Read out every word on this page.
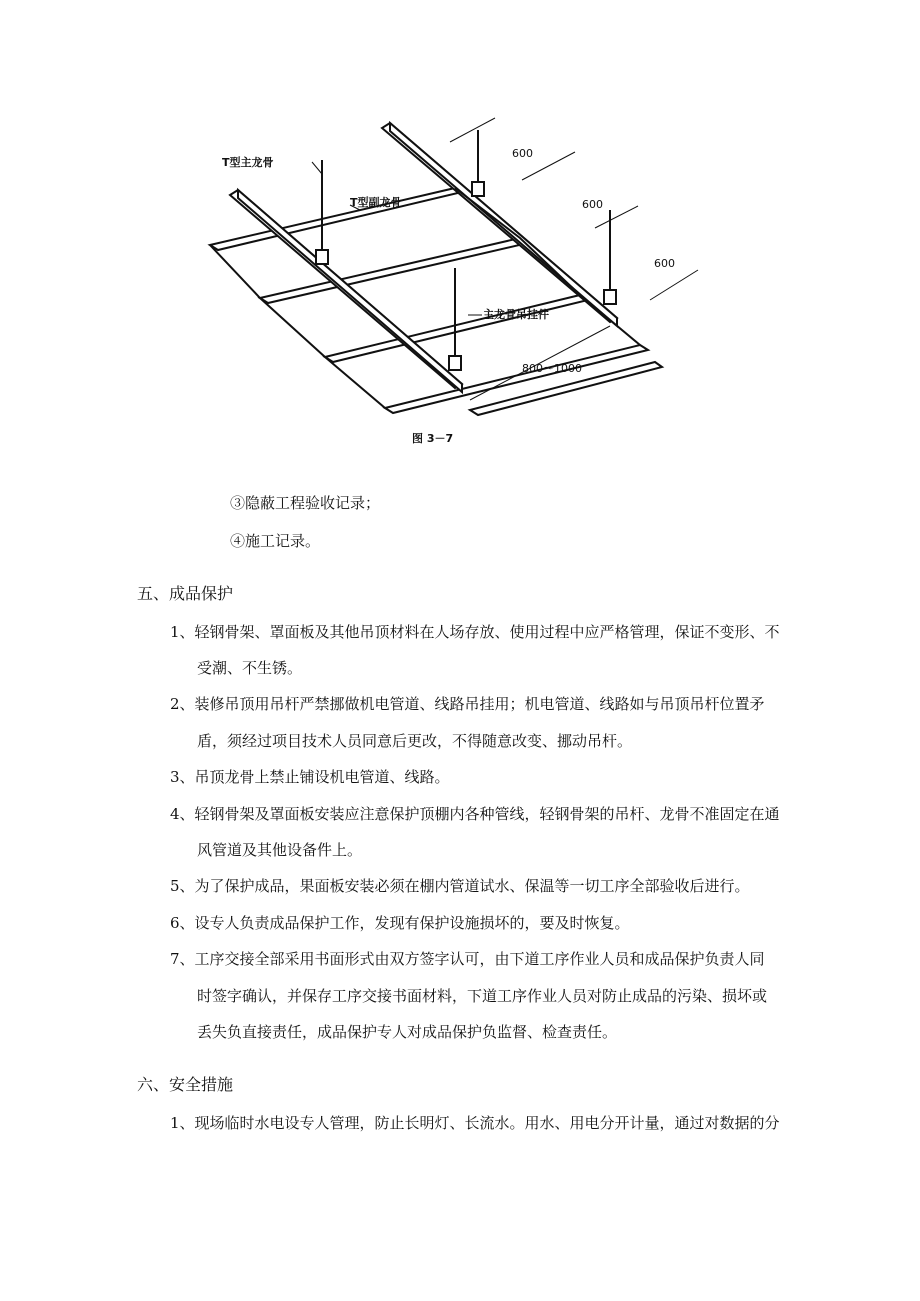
T型主龙骨
T型副龙骨
主龙骨吊挂件
600
600
600
800～1000
图 3－7
③隐蔽工程验收记录；
④施工记录。
五、成品保护
1、轻钢骨架、罩面板及其他吊顶材料在人场存放、使用过程中应严格管理，保证不变形、不
受潮、不生锈。
2、装修吊顶用吊杆严禁挪做机电管道、线路吊挂用；机电管道、线路如与吊顶吊杆位置矛
盾，须经过项目技术人员同意后更改，不得随意改变、挪动吊杆。
3、吊顶龙骨上禁止铺设机电管道、线路。
4、轻钢骨架及罩面板安装应注意保护顶棚内各种管线，轻钢骨架的吊杆、龙骨不准固定在通
风管道及其他设备件上。
5、为了保护成品，果面板安装必须在棚内管道试水、保温等一切工序全部验收后进行。
6、设专人负责成品保护工作，发现有保护设施损坏的，要及时恢复。
7、工序交接全部采用书面形式由双方签字认可，由下道工序作业人员和成品保护负责人同
时签字确认，并保存工序交接书面材料，下道工序作业人员对防止成品的污染、损坏或
丢失负直接责任，成品保护专人对成品保护负监督、检查责任。
六、安全措施
1、现场临时水电设专人管理，防止长明灯、长流水。用水、用电分开计量，通过对数据的分
